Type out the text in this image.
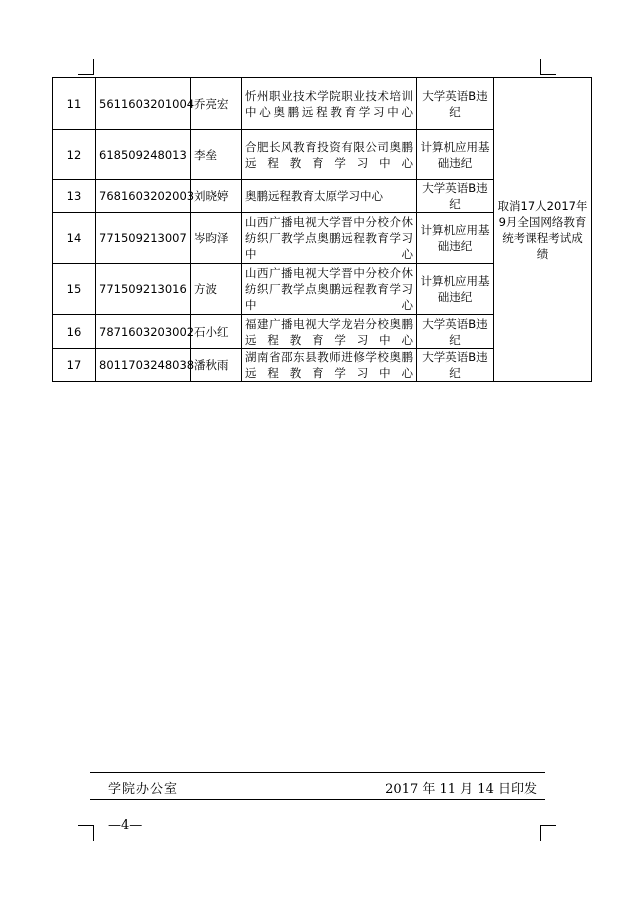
11	5611603201004	乔亮宏	忻州职业技术学院职业技术培训中心奥鹏远程教育学习中心	大学英语B违纪	取消17人2017年9月全国网络教育统考课程考试成绩
12	618509248013	李垒	合肥长风教育投资有限公司奥鹏远程教育学习中心	计算机应用基础违纪	
13	7681603202003	刘晓婷	奥鹏远程教育太原学习中心	大学英语B违纪	
14	771509213007	岑昀泽	山西广播电视大学晋中分校介休纺织厂教学点奥鹏远程教育学习中心	计算机应用基础违纪	
15	771509213016	方波	山西广播电视大学晋中分校介休纺织厂教学点奥鹏远程教育学习中心	计算机应用基础违纪	
16	7871603203002	石小红	福建广播电视大学龙岩分校奥鹏远程教育学习中心	大学英语B违纪	
17	8011703248038	潘秋雨	湖南省邵东县教师进修学校奥鹏远程教育学习中心	大学英语B违纪	
学院办公室	2017 年 11 月 14 日印发
—4—
